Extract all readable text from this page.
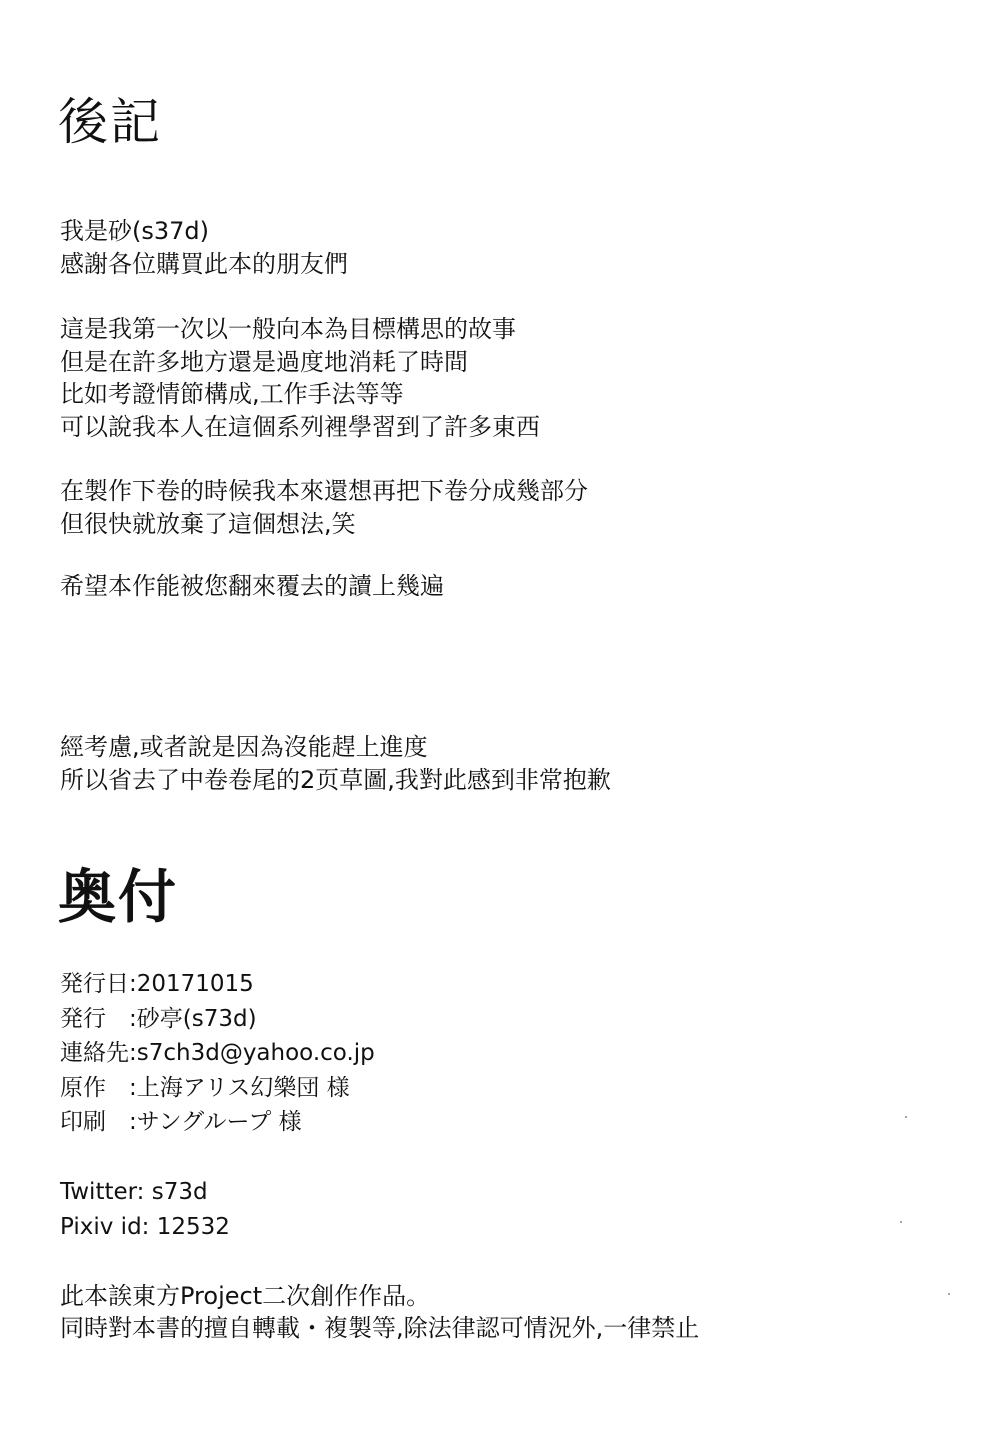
後記
我是砂(s37d)
感謝各位購買此本的朋友們
這是我第一次以一般向本為目標構思的故事
但是在許多地方還是過度地消耗了時間
比如考證情節構成,工作手法等等
可以說我本人在這個系列裡學習到了許多東西
在製作下卷的時候我本來還想再把下卷分成幾部分
但很快就放棄了這個想法,笑
希望本作能被您翻來覆去的讀上幾遍
經考慮,或者說是因為沒能趕上進度
所以省去了中卷卷尾的2页草圖,我對此感到非常抱歉
奥付
発行日:20171015
発行　:砂亭(s73d)
連絡先:s7ch3d@yahoo.co.jp
原作　:上海アリス幻樂団 様
印刷　:サングループ 様
Twitter: s73d
Pixiv id: 12532
此本誒東方Project二次創作作品。
同時對本書的擅自轉載・複製等,除法律認可情況外,一律禁止
